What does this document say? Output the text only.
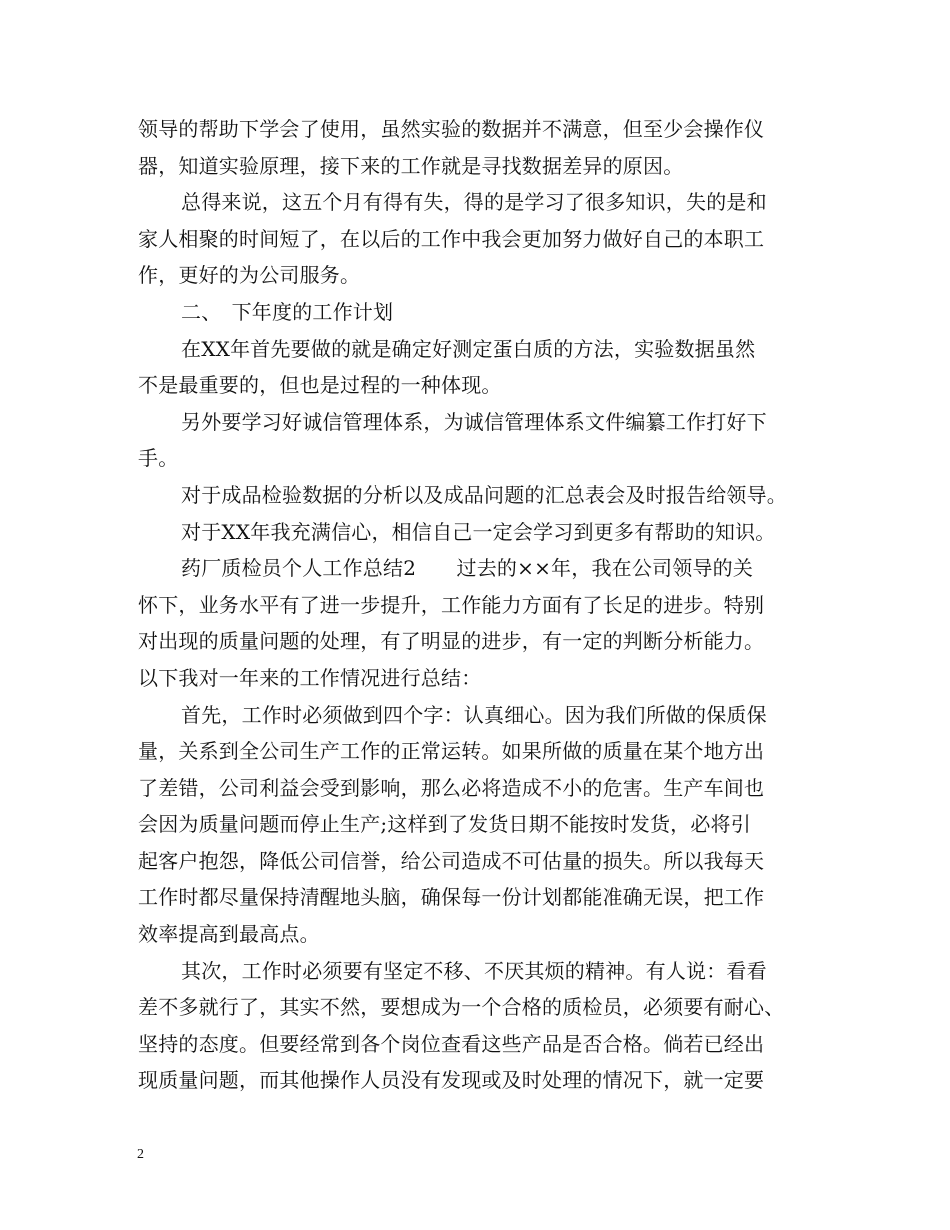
领导的帮助下学会了使用，虽然实验的数据并不满意，但至少会操作仪
器，知道实验原理，接下来的工作就是寻找数据差异的原因。
总得来说，这五个月有得有失，得的是学习了很多知识，失的是和
家人相聚的时间短了，在以后的工作中我会更加努力做好自己的本职工
作，更好的为公司服务。
二、　下年度的工作计划
在XX年首先要做的就是确定好测定蛋白质的方法，实验数据虽然
不是最重要的，但也是过程的一种体现。
另外要学习好诚信管理体系，为诚信管理体系文件编纂工作打好下
手。
对于成品检验数据的分析以及成品问题的汇总表会及时报告给领导。
对于XX年我充满信心，相信自己一定会学习到更多有帮助的知识。
药厂质检员个人工作总结2　　过去的××年，我在公司领导的关
怀下，业务水平有了进一步提升，工作能力方面有了长足的进步。特别
对出现的质量问题的处理，有了明显的进步，有一定的判断分析能力。
以下我对一年来的工作情况进行总结：
首先，工作时必须做到四个字：认真细心。因为我们所做的保质保
量，关系到全公司生产工作的正常运转。如果所做的质量在某个地方出
了差错，公司利益会受到影响，那么必将造成不小的危害。生产车间也
会因为质量问题而停止生产;这样到了发货日期不能按时发货，必将引
起客户抱怨，降低公司信誉，给公司造成不可估量的损失。所以我每天
工作时都尽量保持清醒地头脑，确保每一份计划都能准确无误，把工作
效率提高到最高点。
其次，工作时必须要有坚定不移、不厌其烦的精神。有人说：看看
差不多就行了，其实不然，要想成为一个合格的质检员，必须要有耐心、
坚持的态度。但要经常到各个岗位查看这些产品是否合格。倘若已经出
现质量问题，而其他操作人员没有发现或及时处理的情况下，就一定要
2
